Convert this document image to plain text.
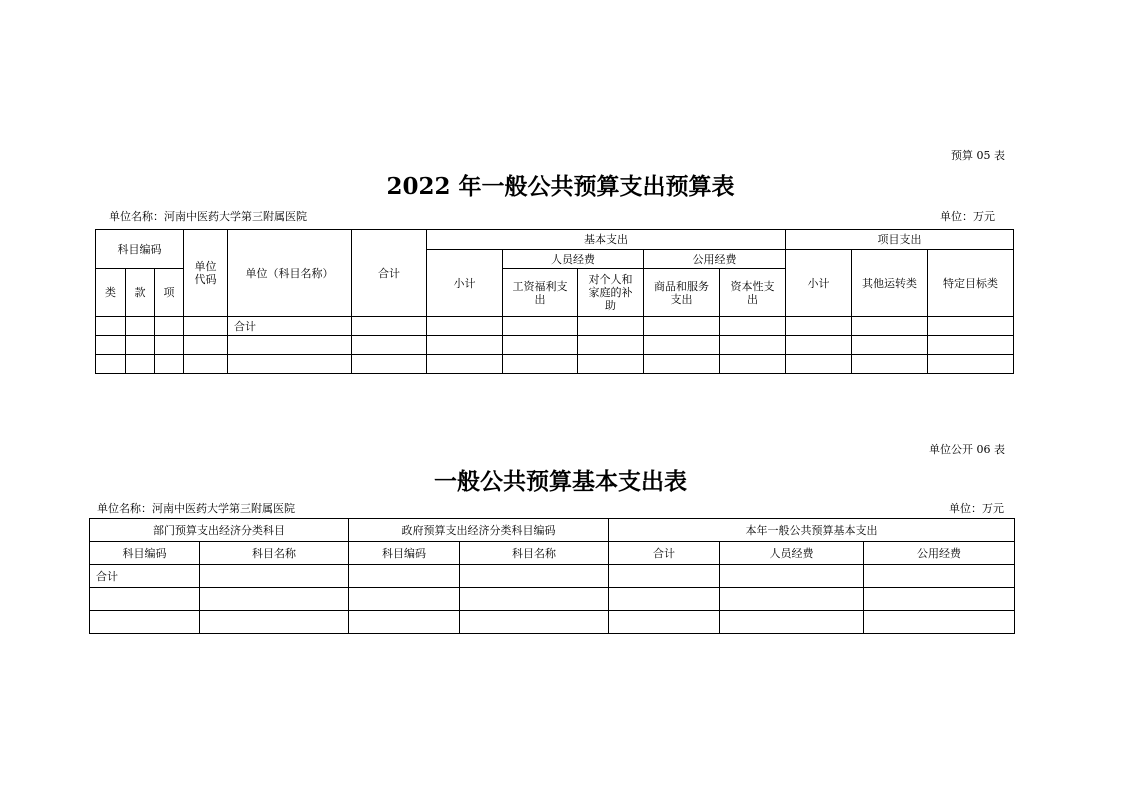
预算 05 表
2022 年一般公共预算支出预算表
单位名称：河南中医药大学第三附属医院	单位：万元
科目编码			单位代码	单位（科目名称）	合计	基本支出					项目支出		
						小计	人员经费		公用经费		小计	其他运转类	特定目标类
类	款	项					工资福利支出	对个人和家庭的补助	商品和服务支出	资本性支出			
				合计									

单位公开 06 表
一般公共预算基本支出表
单位名称：河南中医药大学第三附属医院	单位：万元
部门预算支出经济分类科目		政府预算支出经济分类科目编码		本年一般公共预算基本支出		
科目编码	科目名称	科目编码	科目名称	合计	人员经费	公用经费
合计						
